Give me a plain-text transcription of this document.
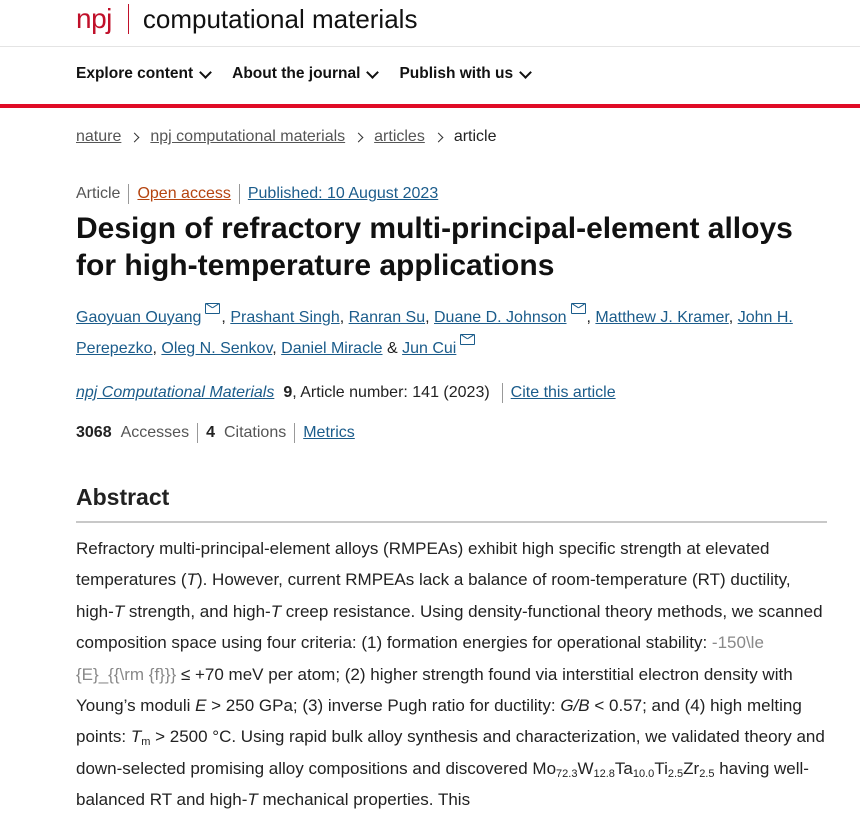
npj computational materials
Explore content	About the journal	Publish with us
nature npj computational materials articles article
Article Open access Published: 10 August 2023
Design of refractory multi-principal-element alloys for high-temperature applications
Gaoyuan Ouyang , Prashant Singh, Ranran Su, Duane D. Johnson , Matthew J. Kramer, John H. Perepezko, Oleg N. Senkov, Daniel Miracle & Jun Cui
npj Computational Materials 9 , Article number: 141 (2023) Cite this article
3068 Accesses 4 Citations Metrics
Abstract

Refractory multi-principal-element alloys (RMPEAs) exhibit high specific strength at elevated temperatures (T). However, current RMPEAs lack a balance of room-temperature (RT) ductility, high-T strength, and high-T creep resistance. Using density-functional theory methods, we scanned composition space using four criteria: (1) formation energies for operational stability: -150\le {E}_{{\rm {f}}} ≤ +70 meV per atom; (2) higher strength found via interstitial electron density with Young’s moduli E > 250 GPa; (3) inverse Pugh ratio for ductility: G/B < 0.57; and (4) high melting points: $T_m > 2500$ °C. Using rapid bulk alloy synthesis and characterization, we validated theory and down-selected promising alloy compositions and discovered $Mo_{72.3}W_{12.8}Ta_{10.0}Ti_{2.5}Zr_{2.5}$ having well-balanced RT and high-T mechanical properties. This
